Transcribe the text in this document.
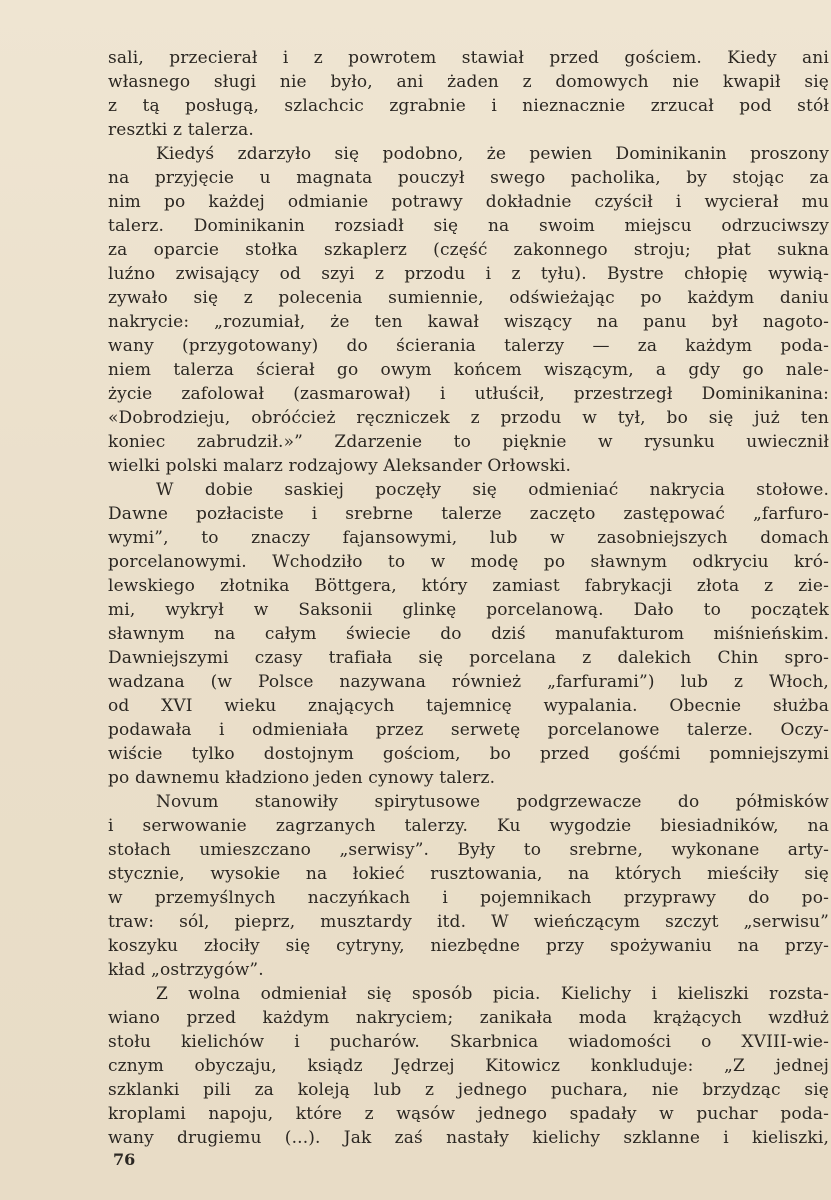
sali, przecierał i z powrotem stawiał przed gościem. Kiedy ani
własnego sługi nie było, ani żaden z domowych nie kwapił się
z tą posługą, szlachcic zgrabnie i nieznacznie zrzucał pod stół
resztki z talerza.
Kiedyś zdarzyło się podobno, że pewien Dominikanin proszony
na przyjęcie u magnata pouczył swego pacholika, by stojąc za
nim po każdej odmianie potrawy dokładnie czyścił i wycierał mu
talerz. Dominikanin rozsiadł się na swoim miejscu odrzuciwszy
za oparcie stołka szkaplerz (część zakonnego stroju; płat sukna
luźno zwisający od szyi z przodu i z tyłu). Bystre chłopię wywią-
zywało się z polecenia sumiennie, odświeżając po każdym daniu
nakrycie: „rozumiał, że ten kawał wiszący na panu był nagoto-
wany (przygotowany) do ścierania talerzy — za każdym poda-
niem talerza ścierał go owym końcem wiszącym, a gdy go nale-
życie zafolował (zasmarował) i utłuścił, przestrzegł Dominikanina:
«Dobrodzieju, obróćcież ręczniczek z przodu w tył, bo się już ten
koniec zabrudził.»” Zdarzenie to pięknie w rysunku uwiecznił
wielki polski malarz rodzajowy Aleksander Orłowski.
W dobie saskiej poczęły się odmieniać nakrycia stołowe.
Dawne pozłaciste i srebrne talerze zaczęto zastępować „farfuro-
wymi”, to znaczy fajansowymi, lub w zasobniejszych domach
porcelanowymi. Wchodziło to w modę po sławnym odkryciu kró-
lewskiego złotnika Böttgera, który zamiast fabrykacji złota z zie-
mi, wykrył w Saksonii glinkę porcelanową. Dało to początek
sławnym na całym świecie do dziś manufakturom miśnieńskim.
Dawniejszymi czasy trafiała się porcelana z dalekich Chin spro-
wadzana (w Polsce nazywana również „farfurami”) lub z Włoch,
od XVI wieku znających tajemnicę wypalania. Obecnie służba
podawała i odmieniała przez serwetę porcelanowe talerze. Oczy-
wiście tylko dostojnym gościom, bo przed gośćmi pomniejszymi
po dawnemu kładziono jeden cynowy talerz.
Novum stanowiły spirytusowe podgrzewacze do półmisków
i serwowanie zagrzanych talerzy. Ku wygodzie biesiadników, na
stołach umieszczano „serwisy”. Były to srebrne, wykonane arty-
stycznie, wysokie na łokieć rusztowania, na których mieściły się
w przemyślnych naczyńkach i pojemnikach przyprawy do po-
traw: sól, pieprz, musztardy itd. W wieńczącym szczyt „serwisu”
koszyku złociły się cytryny, niezbędne przy spożywaniu na przy-
kład „ostrzygów”.
Z wolna odmieniał się sposób picia. Kielichy i kieliszki rozsta-
wiano przed każdym nakryciem; zanikała moda krążących wzdłuż
stołu kielichów i pucharów. Skarbnica wiadomości o XVIII-wie-
cznym obyczaju, ksiądz Jędrzej Kitowicz konkluduje: „Z jednej
szklanki pili za koleją lub z jednego puchara, nie brzydząc się
kroplami napoju, które z wąsów jednego spadały w puchar poda-
wany drugiemu (...). Jak zaś nastały kielichy szklanne i kieliszki,
76
